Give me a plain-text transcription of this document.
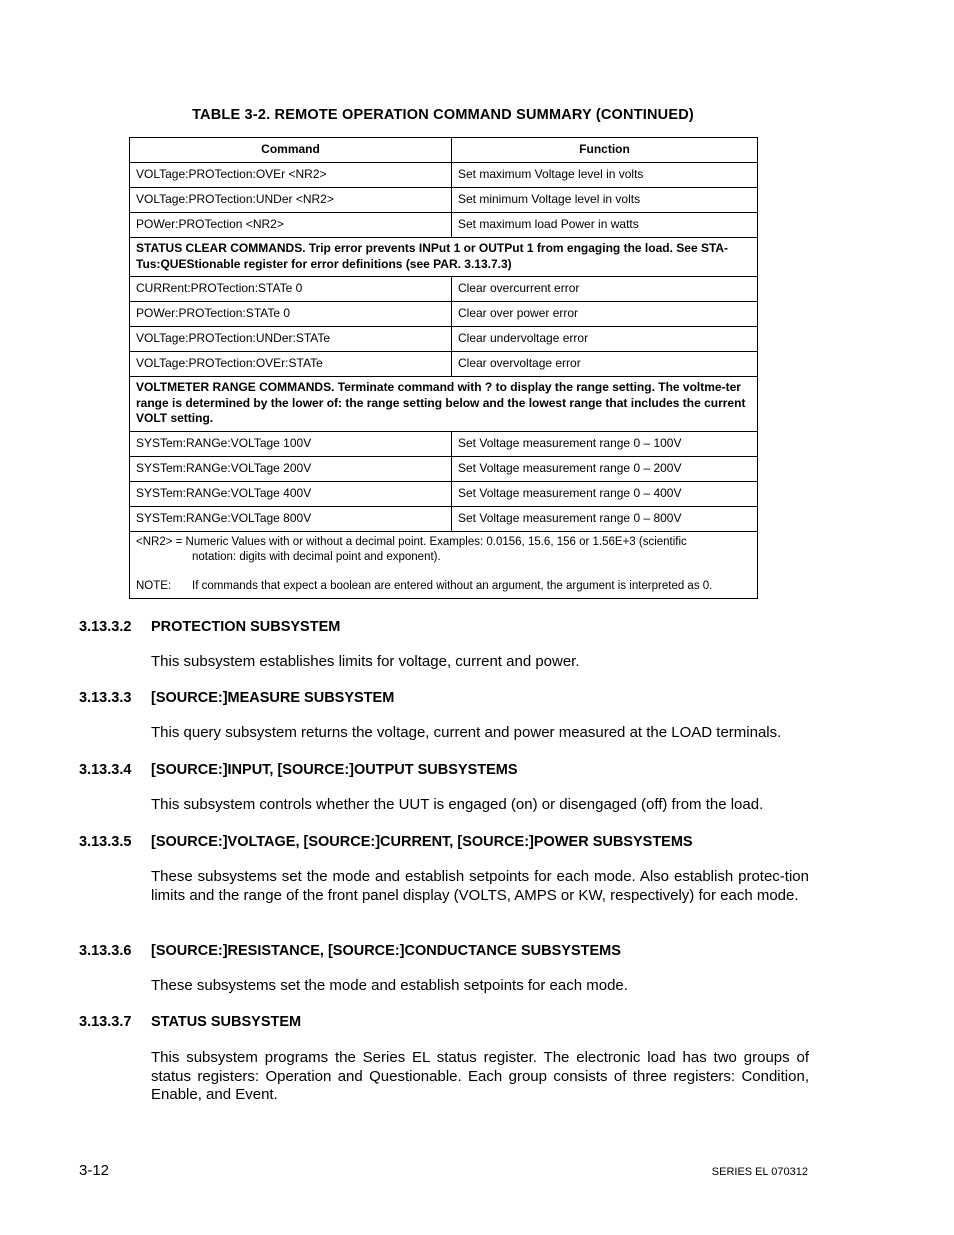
TABLE 3-2. REMOTE OPERATION COMMAND SUMMARY (CONTINUED)
Command	Function
VOLTage:PROTection:OVEr <NR2>	Set maximum Voltage level in volts
VOLTage:PROTection:UNDer <NR2>	Set minimum Voltage level in volts
POWer:PROTection <NR2>	Set maximum load Power in watts
STATUS CLEAR COMMANDS. Trip error prevents INPut 1 or OUTPut 1 from engaging the load. See STA-Tus:QUEStionable register for error definitions (see PAR. 3.13.7.3)	
CURRent:PROTection:STATe 0	Clear overcurrent error
POWer:PROTection:STATe 0	Clear over power error
VOLTage:PROTection:UNDer:STATe	Clear undervoltage error
VOLTage:PROTection:OVEr:STATe	Clear overvoltage error
VOLTMETER RANGE COMMANDS. Terminate command with ? to display the range setting. The voltme-ter range is determined by the lower of: the range setting below and the lowest range that includes the current VOLT setting.	
SYSTem:RANGe:VOLTage 100V	Set Voltage measurement range 0 – 100V
SYSTem:RANGe:VOLTage 200V	Set Voltage measurement range 0 – 200V
SYSTem:RANGe:VOLTage 400V	Set Voltage measurement range 0 – 400V
SYSTem:RANGe:VOLTage 800V	Set Voltage measurement range 0 – 800V

<NR2> = Numeric Values with or without a decimal point. Examples: 0.0156, 15.6, 156 or 1.56E+3 (scientific
notation: digits with decimal point and exponent).
NOTE: If commands that expect a boolean are entered without an argument, the argument is interpreted as 0.	
3.13.3.2 PROTECTION SUBSYSTEM

This subsystem establishes limits for voltage, current and power.

3.13.3.3 [SOURCE:]MEASURE SUBSYSTEM

This query subsystem returns the voltage, current and power measured at the LOAD terminals.

3.13.3.4 [SOURCE:]INPUT, [SOURCE:]OUTPUT SUBSYSTEMS

This subsystem controls whether the UUT is engaged (on) or disengaged (off) from the load.

3.13.3.5 [SOURCE:]VOLTAGE, [SOURCE:]CURRENT, [SOURCE:]POWER SUBSYSTEMS

These subsystems set the mode and establish setpoints for each mode. Also establish protec-tion limits and the range of the front panel display (VOLTS, AMPS or KW, respectively) for each mode.

3.13.3.6 [SOURCE:]RESISTANCE, [SOURCE:]CONDUCTANCE SUBSYSTEMS

These subsystems set the mode and establish setpoints for each mode.

3.13.3.7 STATUS SUBSYSTEM

This subsystem programs the Series EL status register. The electronic load has two groups of status registers: Operation and Questionable. Each group consists of three registers: Condition, Enable, and Event.

3-12	SERIES EL 070312
